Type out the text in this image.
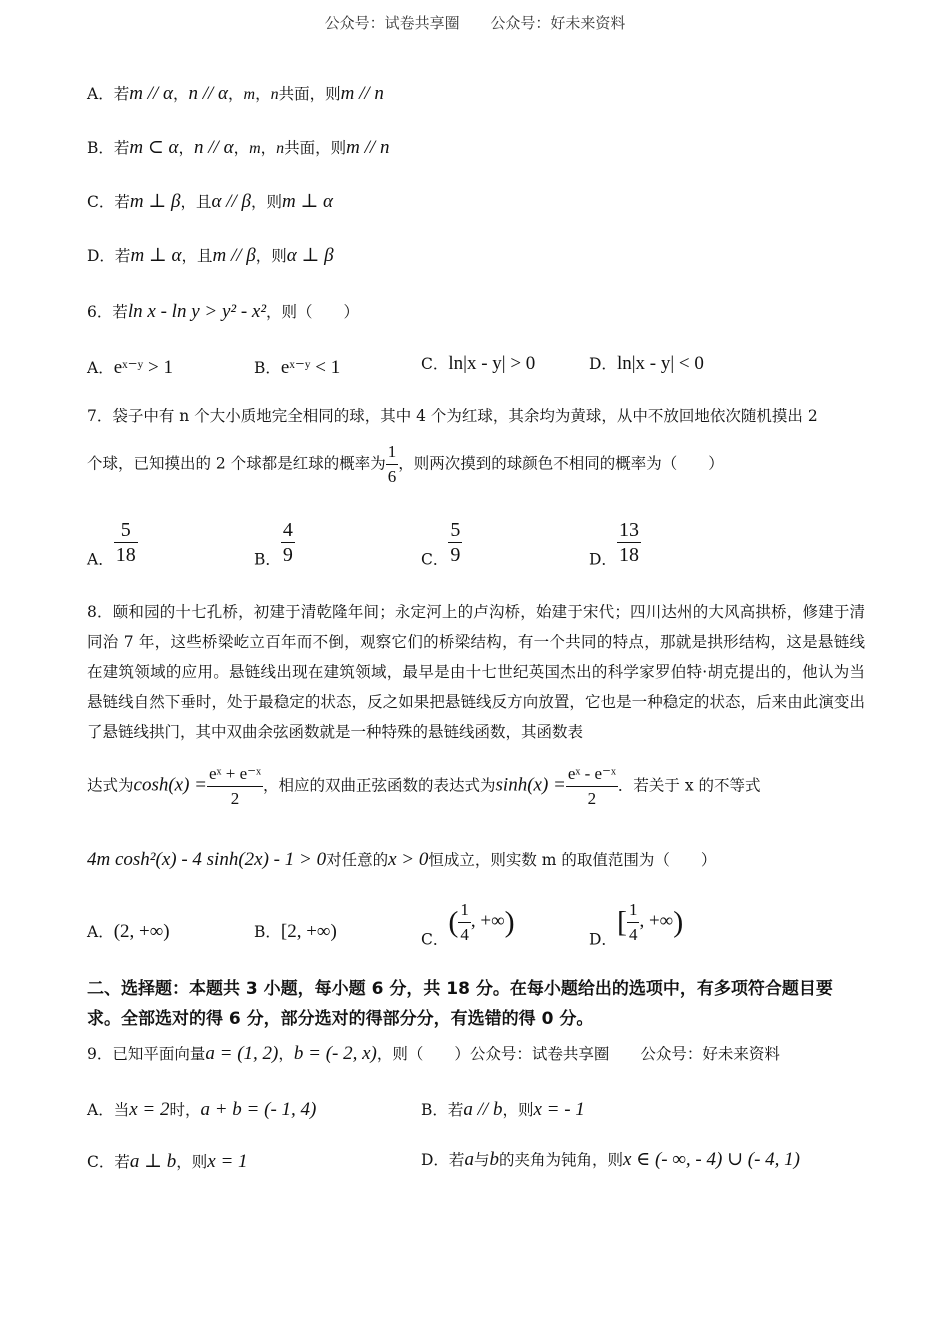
公众号：试卷共享圈 公众号：好未来资料
A．若m // α，n // α，m，n共面，则m // n
B．若m ⊂ α，n // α，m，n共面，则m // n
C．若m ⊥ β，且α // β，则m ⊥ α
D．若m ⊥ α，且m // β，则α ⊥ β
6．若ln x - ln y > y² - x²，则（　　）
A．eˣ⁻ʸ > 1	B．eˣ⁻ʸ < 1	C．ln|x - y| > 0	D．ln|x - y| < 0
7．袋子中有 n 个大小质地完全相同的球，其中 4 个为红球，其余均为黄球，从中不放回地依次随机摸出 2
个球，已知摸出的 2 个球都是红球的概率为 $\frac{1}{6}$ ，则两次摸到的球颜色不相同的概率为（　　）
A． $\frac{5}{18}$	B． $\frac{4}{9}$	C． $\frac{5}{9}$	D． $\frac{13}{18}$
8．颐和园的十七孔桥，初建于清乾隆年间；永定河上的卢沟桥，始建于宋代；四川达州的大风高拱桥，修建于清同治 7 年，这些桥梁屹立百年而不倒，观察它们的桥梁结构，有一个共同的特点，那就是拱形结构，这是悬链线在建筑领域的应用。悬链线出现在建筑领域，最早是由十七世纪英国杰出的科学家罗伯特·胡克提出的，他认为当悬链线自然下垂时，处于最稳定的状态，反之如果把悬链线反方向放置，它也是一种稳定的状态，后来由此演变出了悬链线拱门，其中双曲余弦函数就是一种特殊的悬链线函数，其函数表
达式为$\cosh(x) = \frac{\text{eˣ + e⁻ˣ}}{2}$ ，相应的双曲正弦函数的表达式为$\sinh(x) = \frac{\text{eˣ - e⁻ˣ}}{2}$ ．若关于 x 的不等式
4m cosh²(x) - 4 sinh(2x) - 1 > 0对任意的x > 0恒成立，则实数 m 的取值范围为（　　）
A．(2, +∞)	B．[2, +∞)	C．( $\frac{1}{4}$ , +∞)
D．[ $\frac{1}{4}$ , +∞)
二、选择题：本题共 3 小题，每小题 6 分，共 18 分。在每小题给出的选项中，有多项符合题目要求。全部选对的得 6 分，部分选对的得部分分，有选错的得 0 分。
9．已知平面向量a = (1, 2)，b = (- 2, x)，则（　　）公众号：试卷共享圈　　公众号：好未来资料
A．当x = 2时，a + b = (- 1, 4)	B．若a // b，则x = - 1
C．若a ⊥ b，则x = 1	D．若a与b的夹角为钝角，则x ∈ (- ∞, - 4) ∪ (- 4, 1)
